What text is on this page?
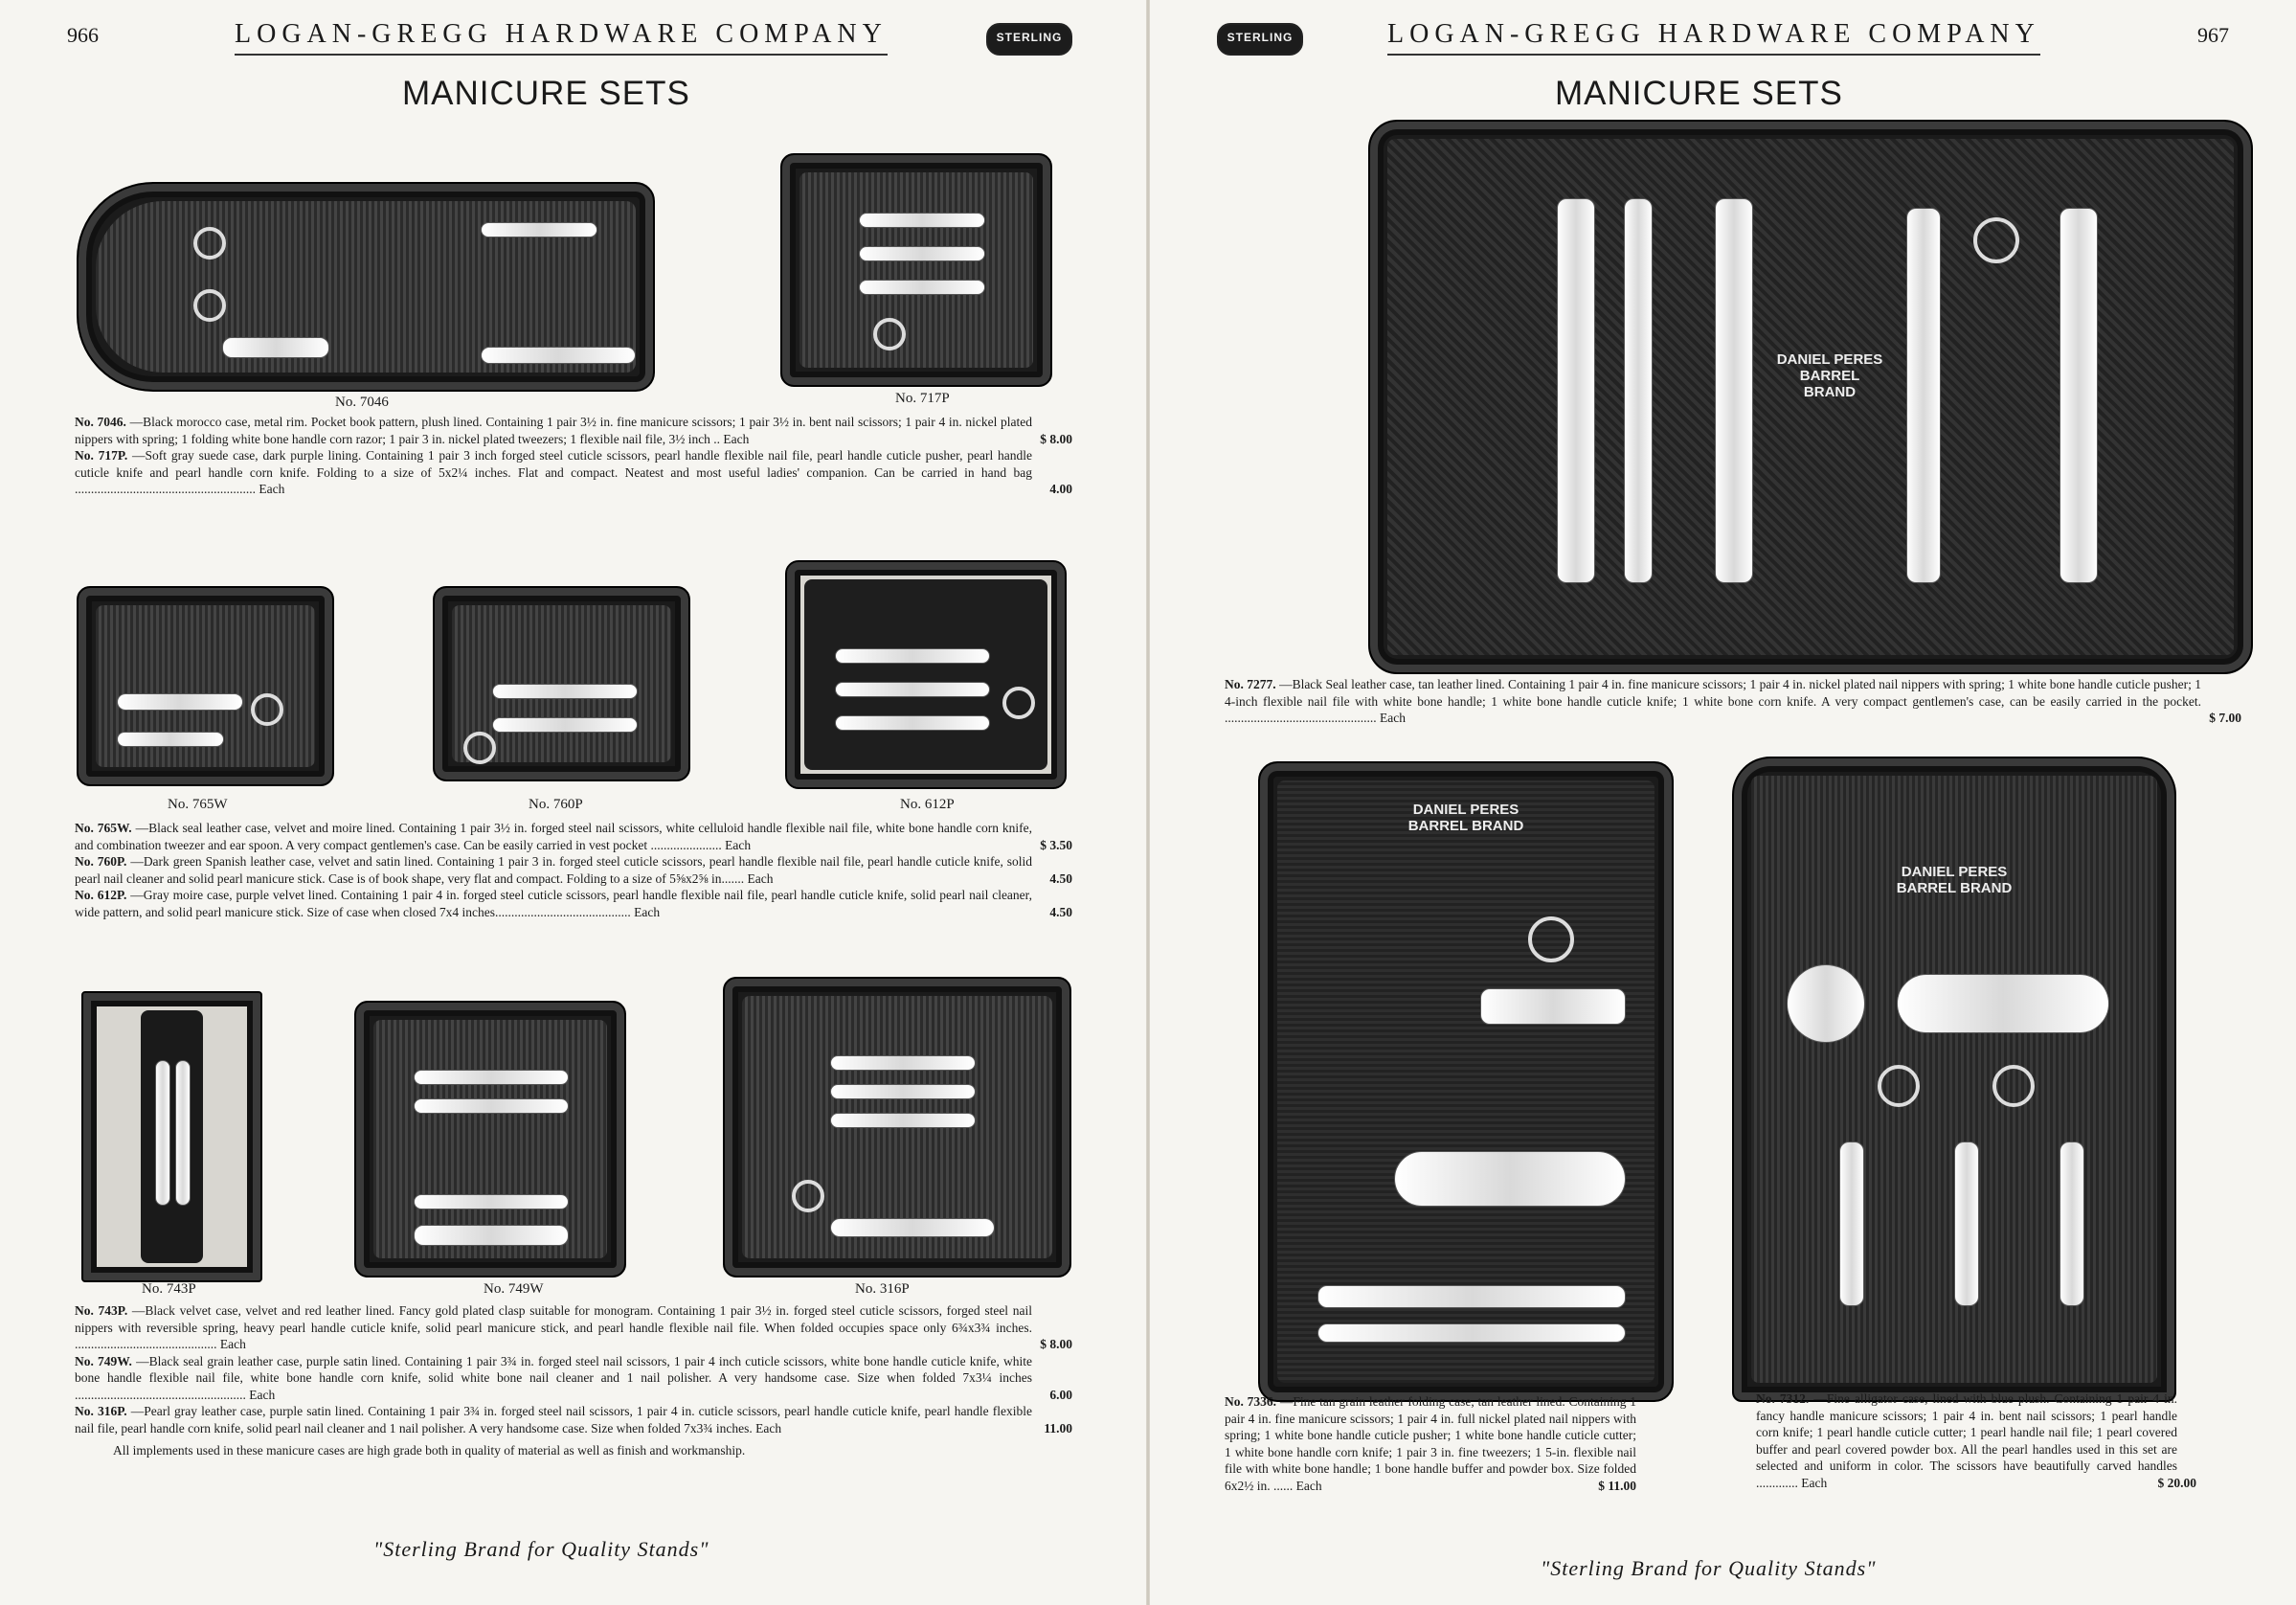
966	LOGAN-GREGG HARDWARE COMPANY	STERLING
MANICURE SETS
No. 7046	No. 717P
No. 7046. —Black morocco case, metal rim. Pocket book pattern, plush lined. Containing 1 pair 3½ in. fine manicure scissors; 1 pair 3½ in. bent nail scissors; 1 pair 4 in. nickel plated nippers with spring; 1 folding white bone handle corn razor; 1 pair 3 in. nickel plated tweezers; 1 flexible nail file, 3½ inch .. Each	$ 8.00
No. 717P. —Soft gray suede case, dark purple lining. Containing 1 pair 3 inch forged steel cuticle scissors, pearl handle flexible nail file, pearl handle cuticle pusher, pearl handle cuticle knife and pearl handle corn knife. Folding to a size of 5x2¼ inches. Flat and compact. Neatest and most useful ladies' companion. Can be carried in hand bag ........................................................ Each	4.00
No. 765W	No. 760P	No. 612P
No. 765W. —Black seal leather case, velvet and moire lined. Containing 1 pair 3½ in. forged steel nail scissors, white celluloid handle flexible nail file, white bone handle corn knife, and combination tweezer and ear spoon. A very compact gentlemen's case. Can be easily carried in vest pocket ...................... Each	$ 3.50
No. 760P. —Dark green Spanish leather case, velvet and satin lined. Containing 1 pair 3 in. forged steel cuticle scissors, pearl handle flexible nail file, pearl handle cuticle knife, solid pearl nail cleaner and solid pearl manicure stick. Case is of book shape, very flat and compact. Folding to a size of 5⅝x2⅝ in....... Each	4.50
No. 612P. —Gray moire case, purple velvet lined. Containing 1 pair 4 in. forged steel cuticle scissors, pearl handle flexible nail file, pearl handle cuticle knife, solid pearl nail cleaner, wide pattern, and solid pearl manicure stick. Size of case when closed 7x4 inches.......................................... Each	4.50
No. 743P	No. 749W	No. 316P
No. 743P. —Black velvet case, velvet and red leather lined. Fancy gold plated clasp suitable for monogram. Containing 1 pair 3½ in. forged steel cuticle scissors, forged steel nail nippers with reversible spring, heavy pearl handle cuticle knife, solid pearl manicure stick, and pearl handle flexible nail file. When folded occupies space only 6¾x3¾ inches. ............................................ Each	$ 8.00
No. 749W. —Black seal grain leather case, purple satin lined. Containing 1 pair 3¾ in. forged steel nail scissors, 1 pair 4 inch cuticle scissors, white bone handle cuticle knife, white bone handle flexible nail file, white bone handle corn knife, solid white bone nail cleaner and 1 nail polisher. A very handsome case. Size when folded 7x3¼ inches ..................................................... Each	6.00
No. 316P. —Pearl gray leather case, purple satin lined. Containing 1 pair 3¾ in. forged steel nail scissors, 1 pair 4 in. cuticle scissors, pearl handle cuticle knife, pearl handle flexible nail file, pearl handle corn knife, solid pearl nail cleaner and 1 nail polisher. A very handsome case. Size when folded 7x3¾ inches. Each	11.00

All implements used in these manicure cases are high grade both in quality of material as well as finish and workmanship.

"Sterling Brand for Quality Stands"
STERLING	LOGAN-GREGG HARDWARE COMPANY	967
MANICURE SETS
DANIEL PERES BARREL BRAND
No. 7277. —Black Seal leather case, tan leather lined. Containing 1 pair 4 in. fine manicure scissors; 1 pair 4 in. nickel plated nail nippers with spring; 1 white bone handle cuticle pusher; 1 4-inch flexible nail file with white bone handle; 1 white bone handle cuticle knife; 1 white bone corn knife. A very compact gentlemen's case, can be easily carried in the pocket. ............................................... Each	$ 7.00
DANIEL PERES BARREL BRAND
No. 7336. —Fine tan grain leather folding case, tan leather lined. Containing 1 pair 4 in. fine manicure scissors; 1 pair 4 in. full nickel plated nail nippers with spring; 1 white bone handle cuticle pusher; 1 white bone handle cuticle cutter; 1 white bone handle corn knife; 1 pair 3 in. fine tweezers; 1 5-in. flexible nail file with white bone handle; 1 bone handle buffer and powder box. Size folded 6x2½ in. ...... Each	$ 11.00
DANIEL PERES BARREL BRAND
No. 7312. —Fine alligator case, lined with blue plush. Containing 1 pair 4 in. fancy handle manicure scissors; 1 pair 4 in. bent nail scissors; 1 pearl handle corn knife; 1 pearl handle cuticle cutter; 1 pearl handle nail file; 1 pearl covered buffer and pearl covered powder box. All the pearl handles used in this set are selected and uniform in color. The scissors have beautifully carved handles ............. Each	$ 20.00
"Sterling Brand for Quality Stands"
